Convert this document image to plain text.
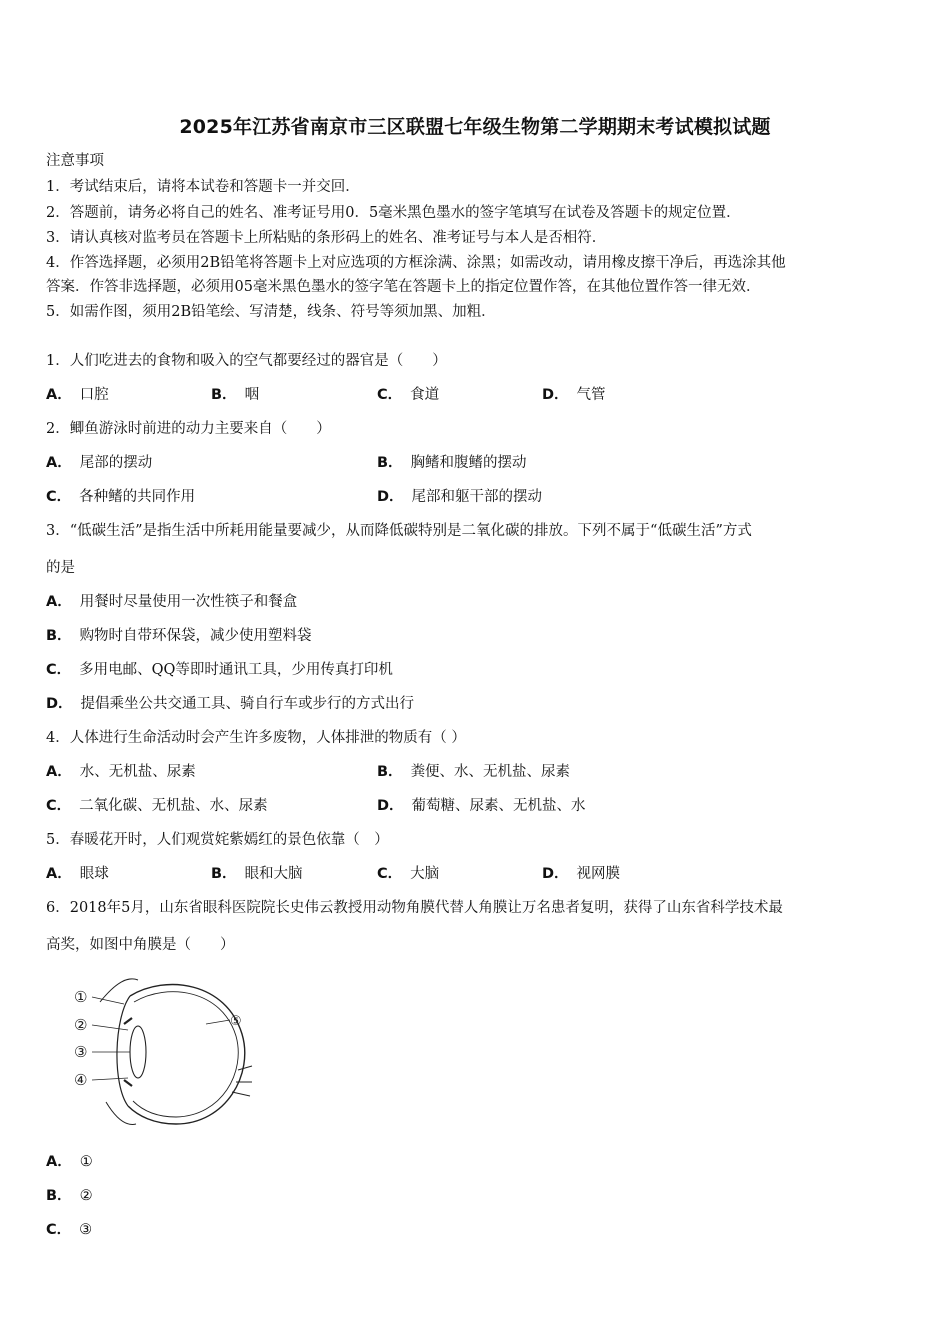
2025年江苏省南京市三区联盟七年级生物第二学期期末考试模拟试题
注意事项
1．考试结束后，请将本试卷和答题卡一并交回．
2．答题前，请务必将自己的姓名、准考证号用0．5毫米黑色墨水的签字笔填写在试卷及答题卡的规定位置．
3．请认真核对监考员在答题卡上所粘贴的条形码上的姓名、准考证号与本人是否相符．
4．作答选择题，必须用2B铅笔将答题卡上对应选项的方框涂满、涂黑；如需改动，请用橡皮擦干净后，再选涂其他
答案．作答非选择题，必须用05毫米黑色墨水的签字笔在答题卡上的指定位置作答，在其他位置作答一律无效．
5．如需作图，须用2B铅笔绘、写清楚，线条、符号等须加黑、加粗．
1．人们吃进去的食物和吸入的空气都要经过的器官是（　　）
A． 口腔	B． 咽	C． 食道	D． 气管
2．鲫鱼游泳时前进的动力主要来自（　　）
A． 尾部的摆动	B． 胸鳍和腹鳍的摆动
C． 各种鳍的共同作用	D． 尾部和躯干部的摆动
3．“低碳生活”是指生活中所耗用能量要减少，从而降低碳特别是二氧化碳的排放。下列不属于“低碳生活”方式
的是
A． 用餐时尽量使用一次性筷子和餐盒
B． 购物时自带环保袋，减少使用塑料袋
C． 多用电邮、QQ等即时通讯工具，少用传真打印机
D． 提倡乘坐公共交通工具、骑自行车或步行的方式出行
4．人体进行生命活动时会产生许多废物，人体排泄的物质有（ ）
A． 水、无机盐、尿素	B． 粪便、水、无机盐、尿素
C． 二氧化碳、无机盐、水、尿素	D． 葡萄糖、尿素、无机盐、水
5．春暖花开时，人们观赏姹紫嫣红的景色依靠（　）
A． 眼球	B． 眼和大脑	C． 大脑	D． 视网膜
6．2018年5月，山东省眼科医院院长史伟云教授用动物角膜代替人角膜让万名患者复明，获得了山东省科学技术最
高奖，如图中角膜是（　　）
①
②
③
④
⑤
A． ①
B． ②
C． ③
